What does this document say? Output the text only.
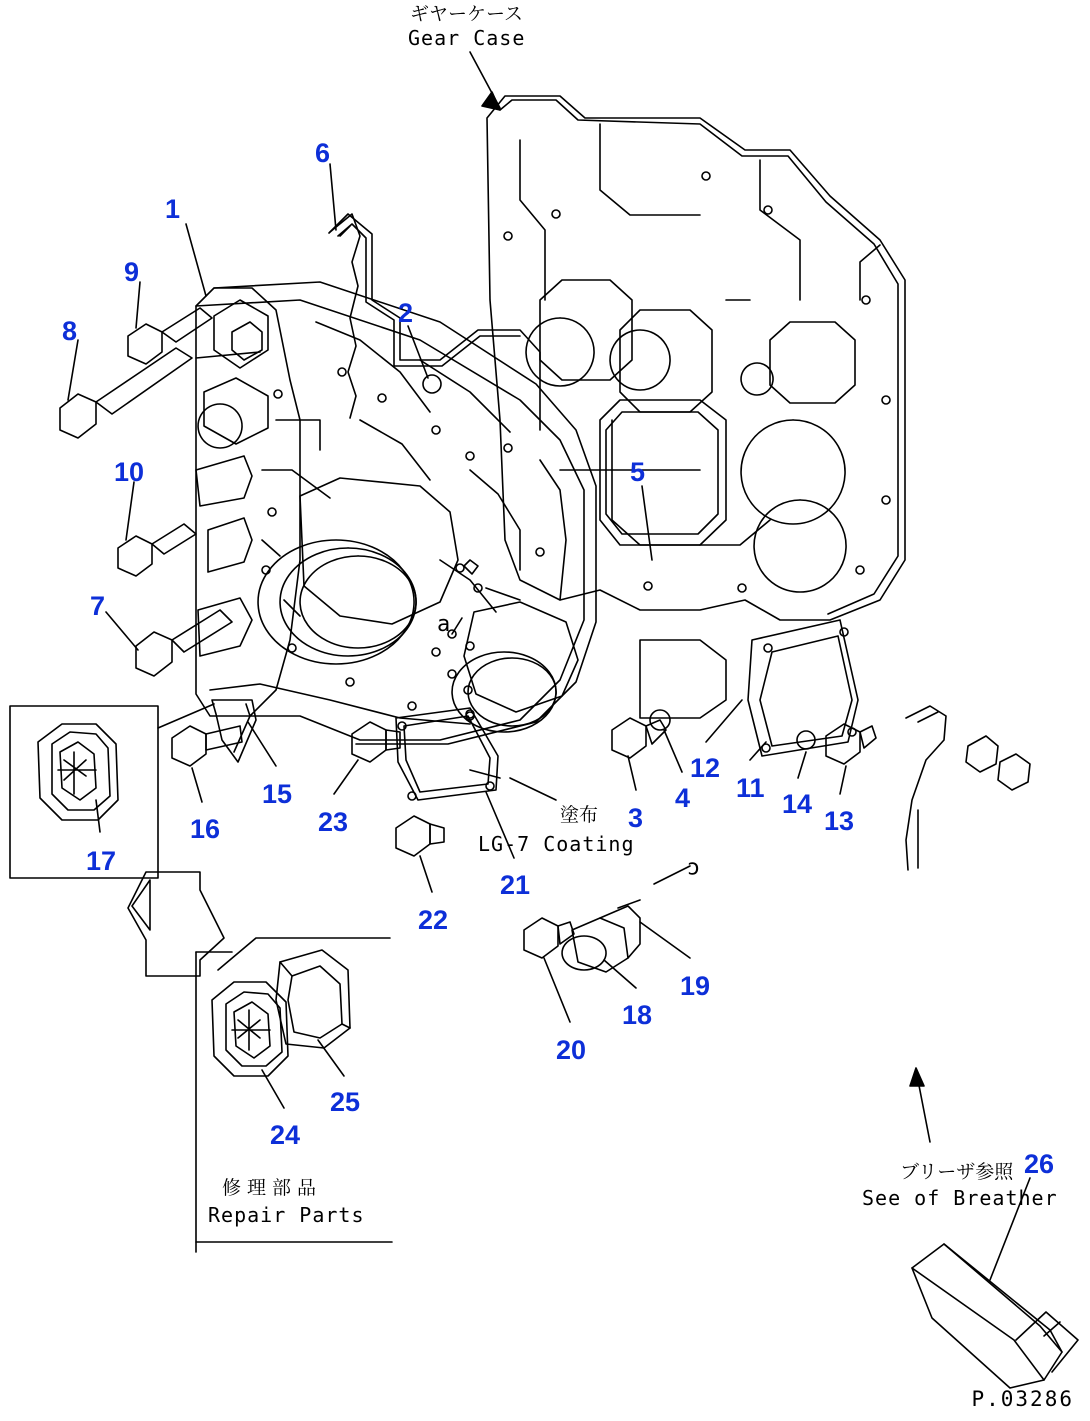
ギヤーケース
Gear Case
塗布
LG-7 Coating
ブリーザ参照
See of Breather
修理部品
Repair Parts
a
c
1
2
3
4
5
6
7
8
9
10
11
12
13
14
15
16
17
18
19
20
21
22
23
24
25
26
P.03286
